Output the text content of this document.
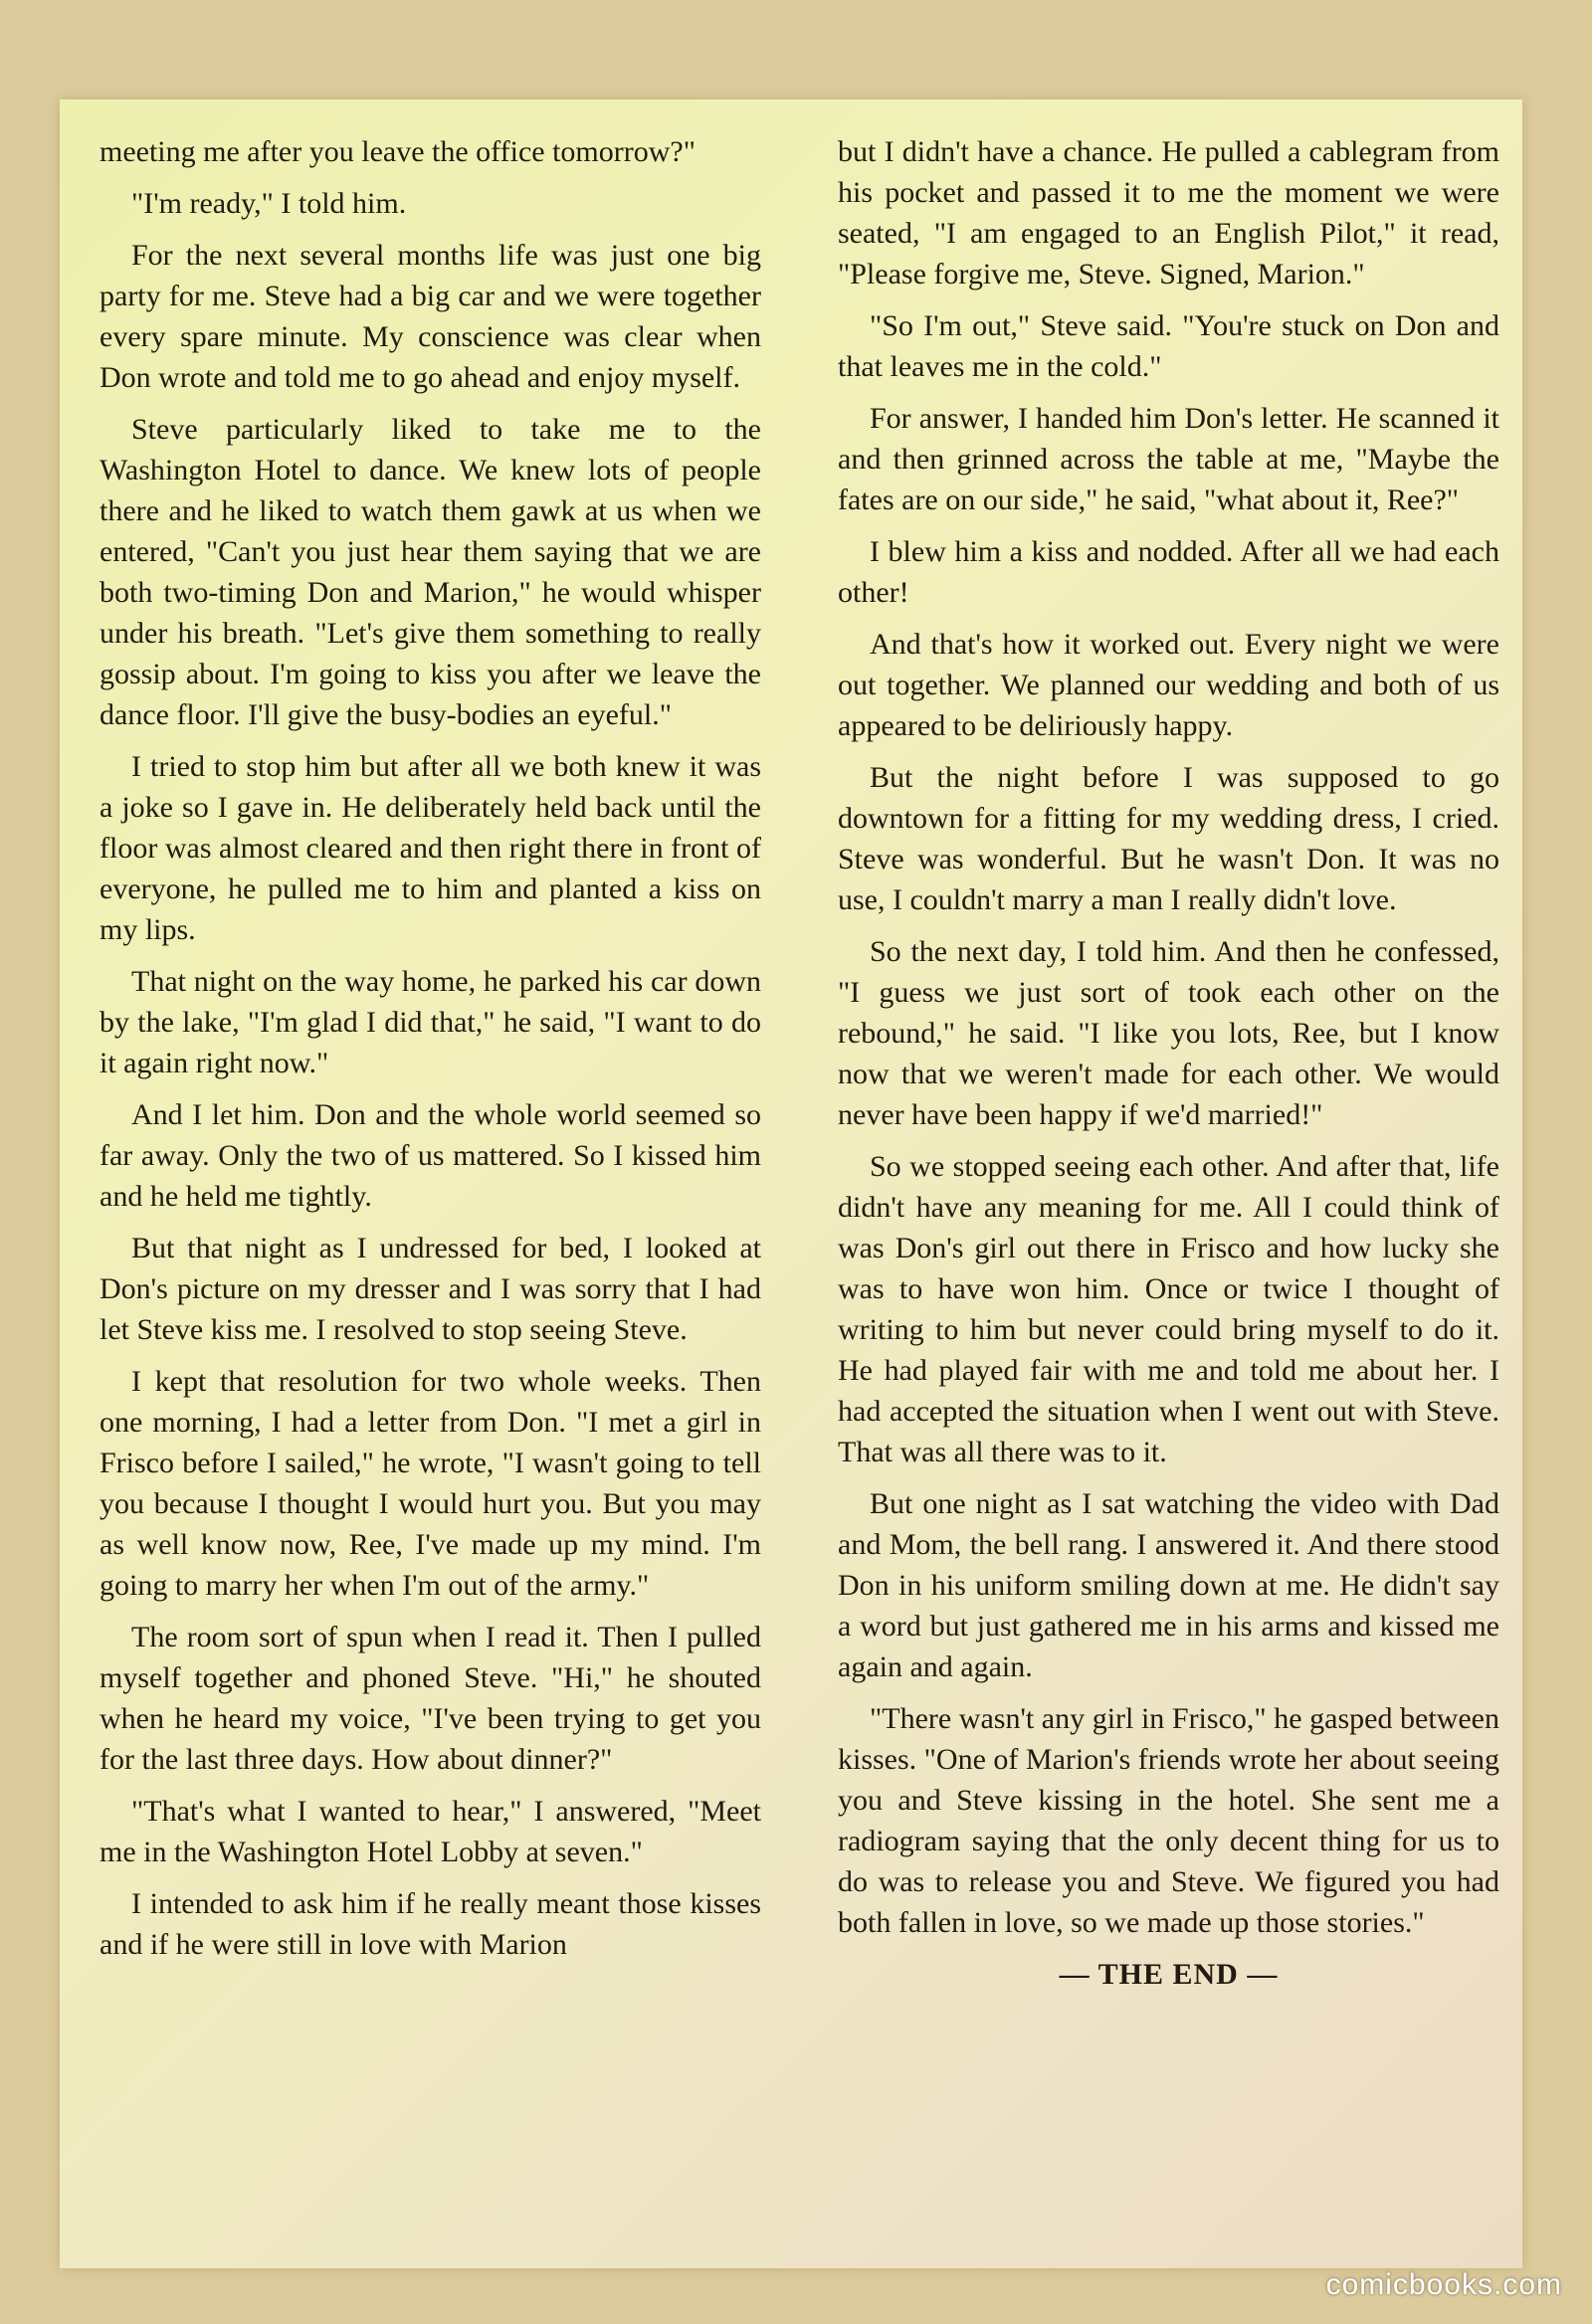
meeting me after you leave the office tomorrow?"

"I'm ready," I told him.

For the next several months life was just one big party for me. Steve had a big car and we were together every spare minute. My conscience was clear when Don wrote and told me to go ahead and enjoy myself.

Steve particularly liked to take me to the Washington Hotel to dance. We knew lots of people there and he liked to watch them gawk at us when we entered, "Can't you just hear them saying that we are both two-timing Don and Marion," he would whisper under his breath. "Let's give them something to really gossip about. I'm going to kiss you after we leave the dance floor. I'll give the busy-bodies an eyeful."

I tried to stop him but after all we both knew it was a joke so I gave in. He deliberately held back until the floor was almost cleared and then right there in front of everyone, he pulled me to him and planted a kiss on my lips.

That night on the way home, he parked his car down by the lake, "I'm glad I did that," he said, "I want to do it again right now."

And I let him. Don and the whole world seemed so far away. Only the two of us mattered. So I kissed him and he held me tightly.

But that night as I undressed for bed, I looked at Don's picture on my dresser and I was sorry that I had let Steve kiss me. I resolved to stop seeing Steve.

I kept that resolution for two whole weeks. Then one morning, I had a letter from Don. "I met a girl in Frisco before I sailed," he wrote, "I wasn't going to tell you because I thought I would hurt you. But you may as well know now, Ree, I've made up my mind. I'm going to marry her when I'm out of the army."

The room sort of spun when I read it. Then I pulled myself together and phoned Steve. "Hi," he shouted when he heard my voice, "I've been trying to get you for the last three days. How about dinner?"

"That's what I wanted to hear," I answered, "Meet me in the Washington Hotel Lobby at seven."

I intended to ask him if he really meant those kisses and if he were still in love with Marion

but I didn't have a chance. He pulled a cablegram from his pocket and passed it to me the moment we were seated, "I am engaged to an English Pilot," it read, "Please forgive me, Steve. Signed, Marion."

"So I'm out," Steve said. "You're stuck on Don and that leaves me in the cold."

For answer, I handed him Don's letter. He scanned it and then grinned across the table at me, "Maybe the fates are on our side," he said, "what about it, Ree?"

I blew him a kiss and nodded. After all we had each other!

And that's how it worked out. Every night we were out together. We planned our wedding and both of us appeared to be deliriously happy.

But the night before I was supposed to go downtown for a fitting for my wedding dress, I cried. Steve was wonderful. But he wasn't Don. It was no use, I couldn't marry a man I really didn't love.

So the next day, I told him. And then he confessed, "I guess we just sort of took each other on the rebound," he said. "I like you lots, Ree, but I know now that we weren't made for each other. We would never have been happy if we'd married!"

So we stopped seeing each other. And after that, life didn't have any meaning for me. All I could think of was Don's girl out there in Frisco and how lucky she was to have won him. Once or twice I thought of writing to him but never could bring myself to do it. He had played fair with me and told me about her. I had accepted the situation when I went out with Steve. That was all there was to it.

But one night as I sat watching the video with Dad and Mom, the bell rang. I answered it. And there stood Don in his uniform smiling down at me. He didn't say a word but just gathered me in his arms and kissed me again and again.

"There wasn't any girl in Frisco," he gasped between kisses. "One of Marion's friends wrote her about seeing you and Steve kissing in the hotel. She sent me a radiogram saying that the only decent thing for us to do was to release you and Steve. We figured you had both fallen in love, so we made up those stories."

— THE END —

comicbooks.com
